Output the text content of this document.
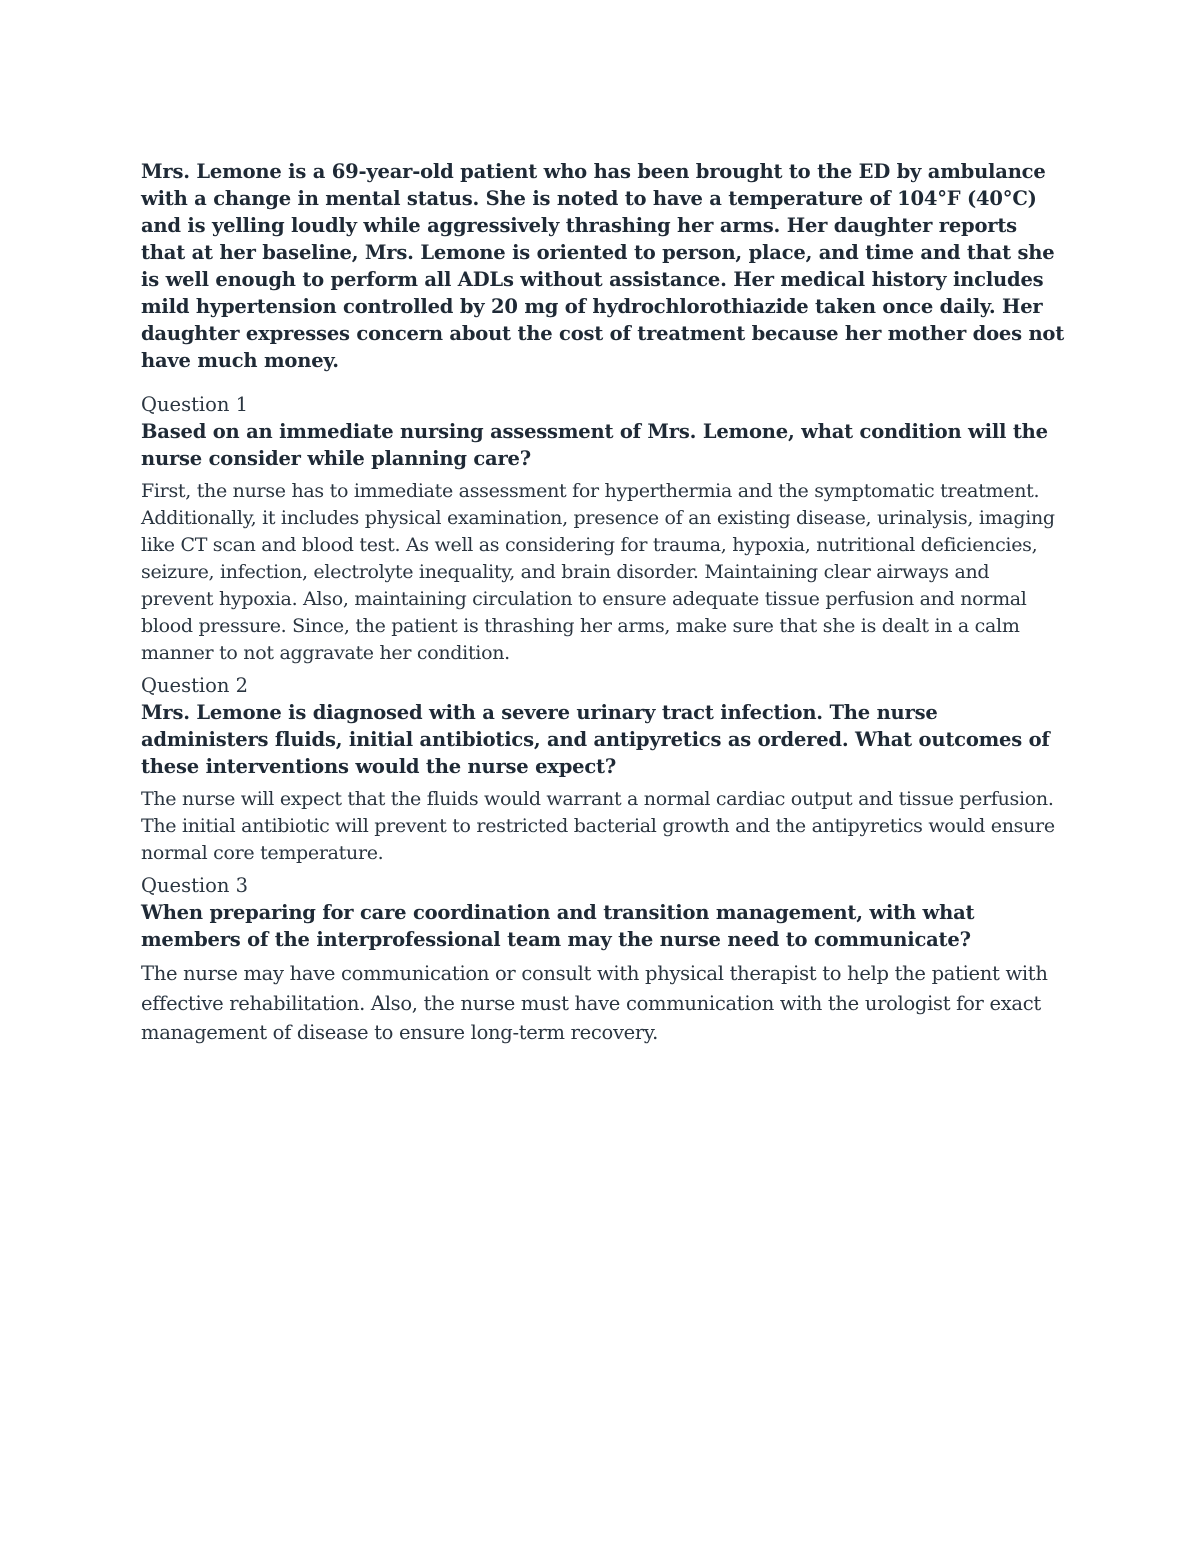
Mrs. Lemone is a 69-year-old patient who has been brought to the ED by ambulance with a change in mental status. She is noted to have a temperature of 104°F (40°C) and is yelling loudly while aggressively thrashing her arms. Her daughter reports that at her baseline, Mrs. Lemone is oriented to person, place, and time and that she is well enough to perform all ADLs without assistance. Her medical history includes mild hypertension controlled by 20 mg of hydrochlorothiazide taken once daily. Her daughter expresses concern about the cost of treatment because her mother does not have much money.

Question 1

Based on an immediate nursing assessment of Mrs. Lemone, what condition will the nurse consider while planning care?

First, the nurse has to immediate assessment for hyperthermia and the symptomatic treatment. Additionally, it includes physical examination, presence of an existing disease, urinalysis, imaging like CT scan and blood test. As well as considering for trauma, hypoxia, nutritional deficiencies, seizure, infection, electrolyte inequality, and brain disorder. Maintaining clear airways and prevent hypoxia. Also, maintaining circulation to ensure adequate tissue perfusion and normal blood pressure. Since, the patient is thrashing her arms, make sure that she is dealt in a calm manner to not aggravate her condition.

Question 2

Mrs. Lemone is diagnosed with a severe urinary tract infection. The nurse administers fluids, initial antibiotics, and antipyretics as ordered. What outcomes of these interventions would the nurse expect?

The nurse will expect that the fluids would warrant a normal cardiac output and tissue perfusion. The initial antibiotic will prevent to restricted bacterial growth and the antipyretics would ensure normal core temperature.

Question 3

When preparing for care coordination and transition management, with what members of the interprofessional team may the nurse need to communicate?

The nurse may have communication or consult with physical therapist to help the patient with effective rehabilitation. Also, the nurse must have communication with the urologist for exact management of disease to ensure long-term recovery.
